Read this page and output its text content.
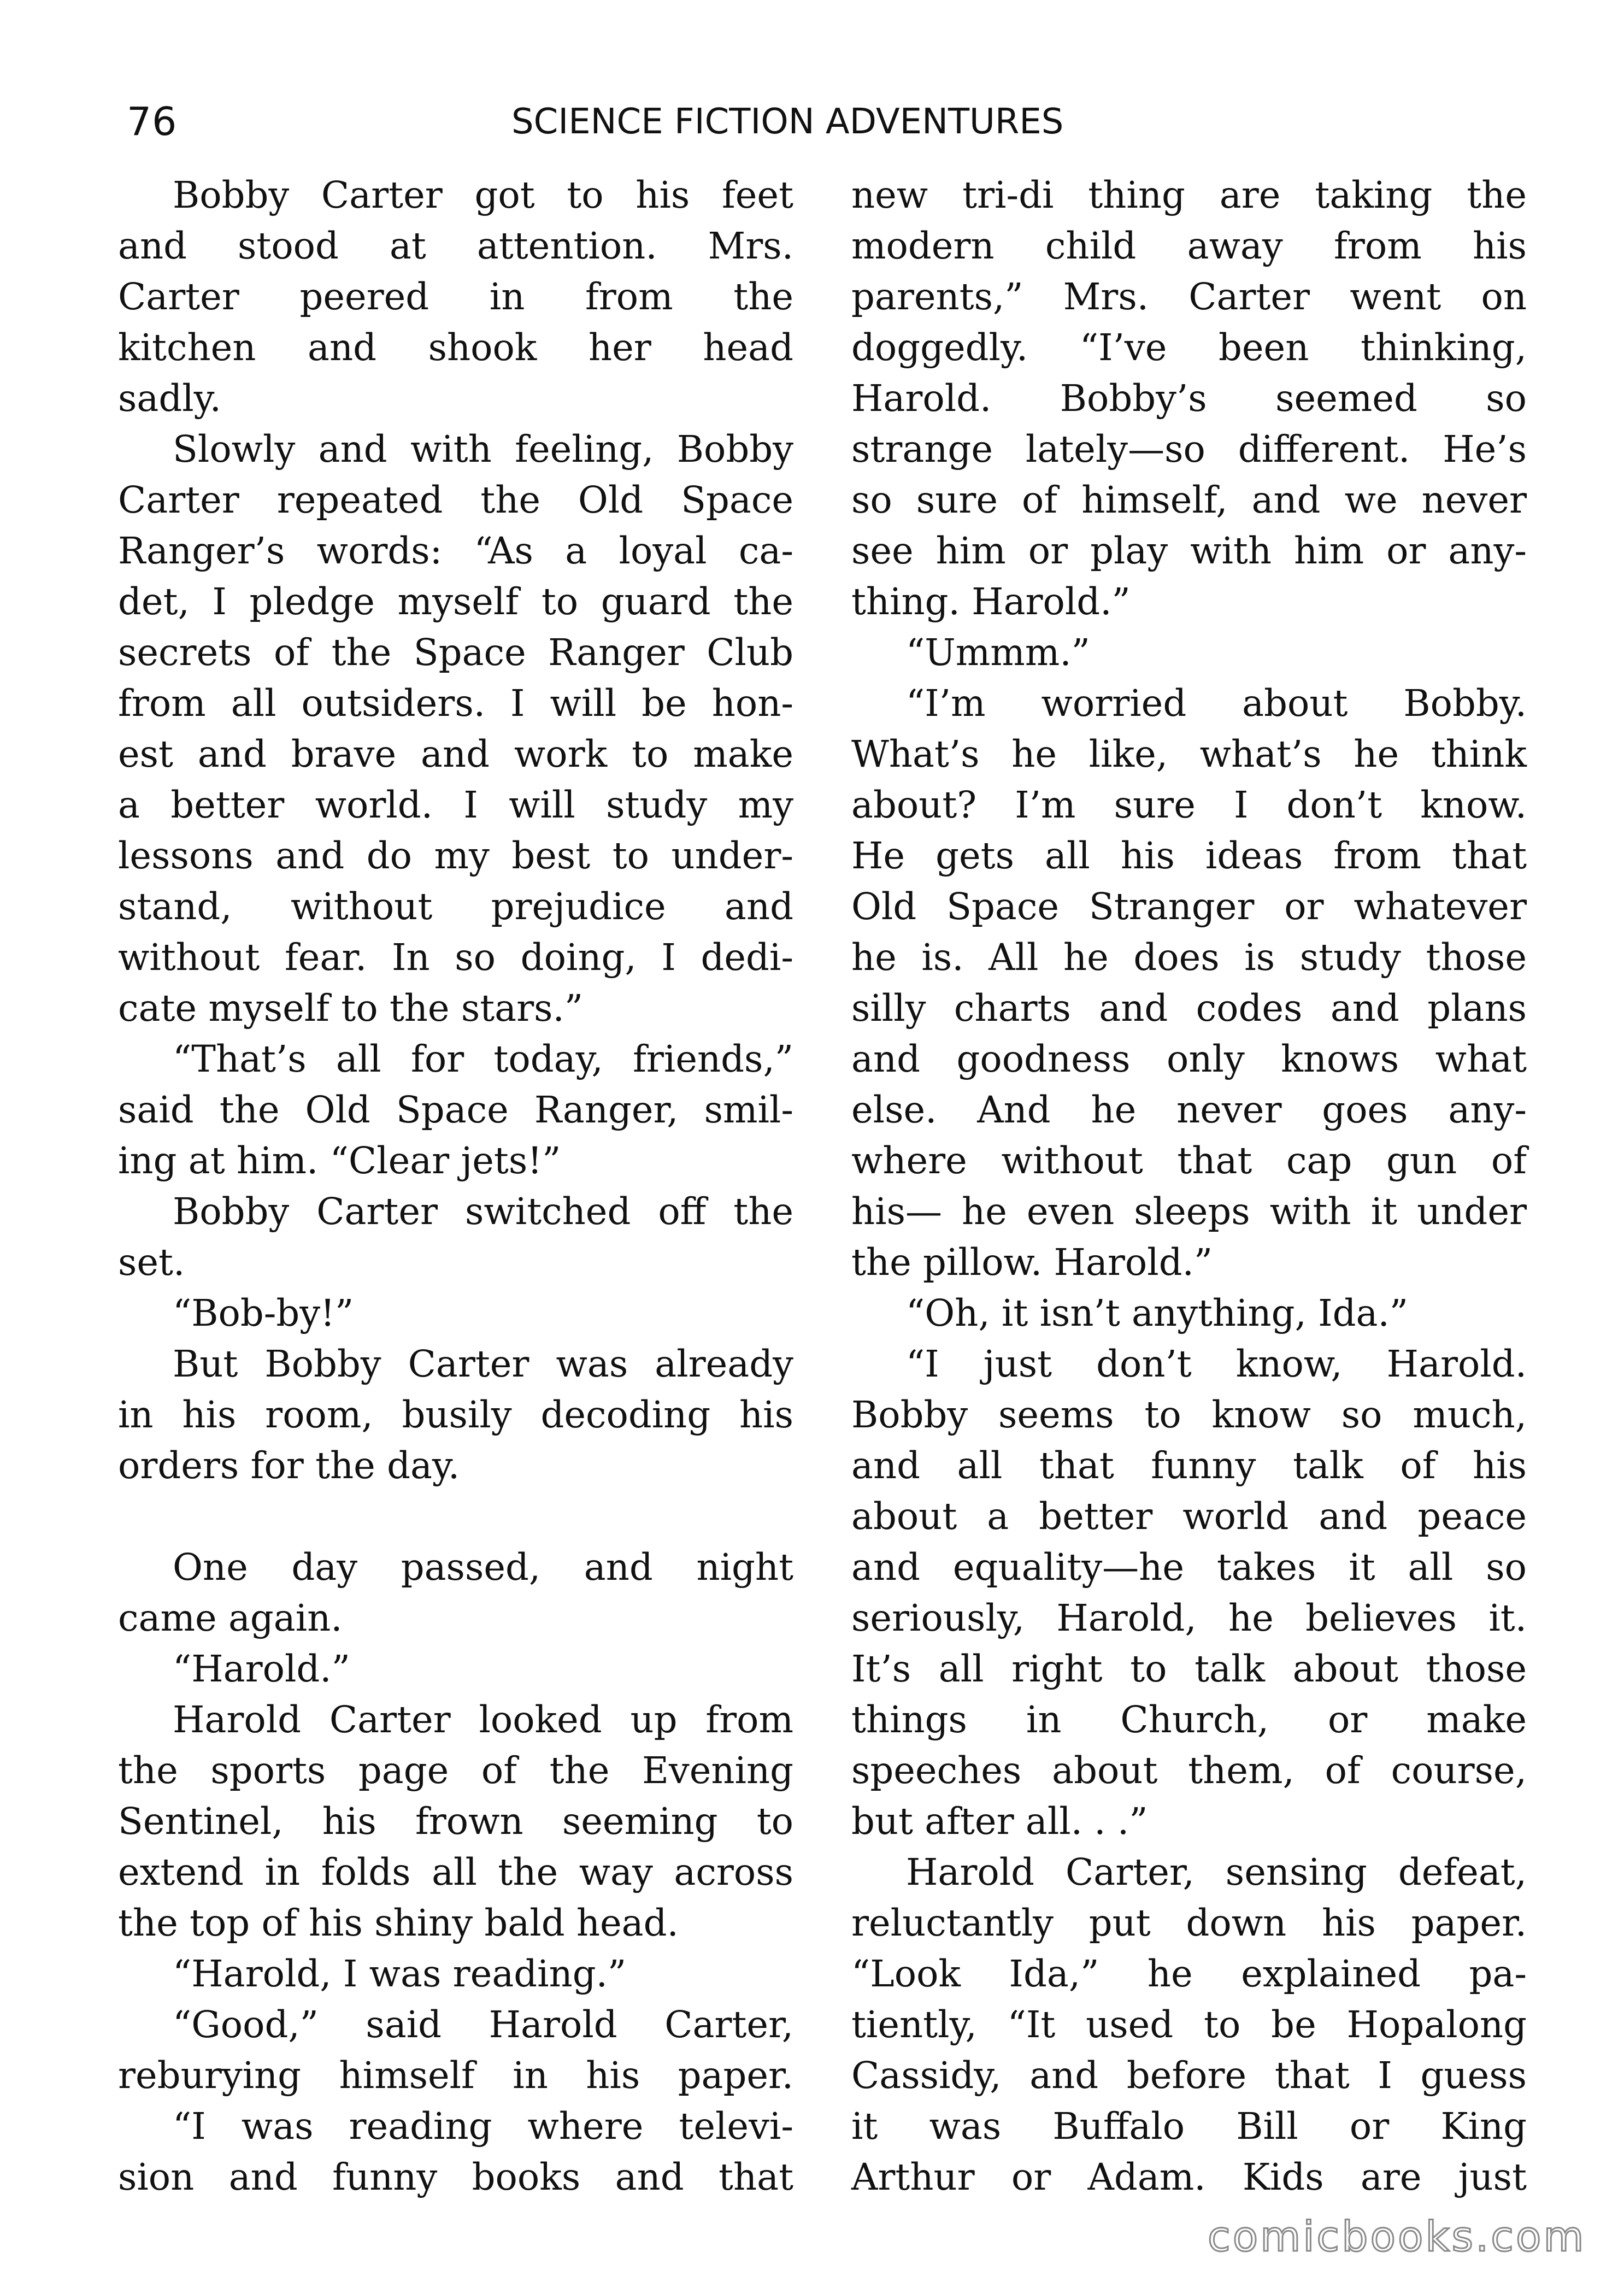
76	SCIENCE FICTION ADVENTURES
Bobby Carter got to his feet
and stood at attention. Mrs.
Carter peered in from the
kitchen and shook her head
sadly.
Slowly and with feeling, Bobby
Carter repeated the Old Space
Ranger’s words: “As a loyal ca-
det, I pledge myself to guard the
secrets of the Space Ranger Club
from all outsiders. I will be hon-
est and brave and work to make
a better world. I will study my
lessons and do my best to under-
stand, without prejudice and
without fear. In so doing, I dedi-
cate myself to the stars.”
“That’s all for today, friends,”
said the Old Space Ranger, smil-
ing at him. “Clear jets!”
Bobby Carter switched off the
set.
“Bob-by!”
But Bobby Carter was already
in his room, busily decoding his
orders for the day.
One day passed, and night
came again.
“Harold.”
Harold Carter looked up from
the sports page of the Evening
Sentinel, his frown seeming to
extend in folds all the way across
the top of his shiny bald head.
“Harold, I was reading.”
“Good,” said Harold Carter,
reburying himself in his paper.
“I was reading where televi-
sion and funny books and that
new tri-di thing are taking the
modern child away from his
parents,” Mrs. Carter went on
doggedly. “I’ve been thinking,
Harold. Bobby’s seemed so
strange lately—so different. He’s
so sure of himself, and we never
see him or play with him or any-
thing. Harold.”
“Ummm.”
“I’m worried about Bobby.
What’s he like, what’s he think
about? I’m sure I don’t know.
He gets all his ideas from that
Old Space Stranger or whatever
he is. All he does is study those
silly charts and codes and plans
and goodness only knows what
else. And he never goes any-
where without that cap gun of
his— he even sleeps with it under
the pillow. Harold.”
“Oh, it isn’t anything, Ida.”
“I just don’t know, Harold.
Bobby seems to know so much,
and all that funny talk of his
about a better world and peace
and equality—he takes it all so
seriously, Harold, he believes it.
It’s all right to talk about those
things in Church, or make
speeches about them, of course,
but after all. . .”
Harold Carter, sensing defeat,
reluctantly put down his paper.
“Look Ida,” he explained pa-
tiently, “It used to be Hopalong
Cassidy, and before that I guess
it was Buffalo Bill or King
Arthur or Adam. Kids are just
comicbooks.com
